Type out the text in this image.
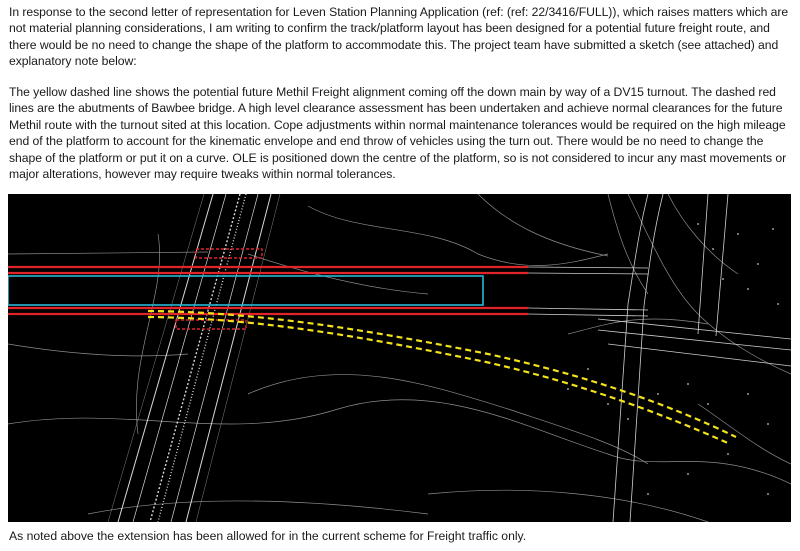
In response to the second letter of representation for Leven Station Planning Application (ref: (ref: 22/3416/FULL)), which raises matters which are not material planning considerations, I am writing to confirm the track/platform layout has been designed for a potential future freight route, and there would be no need to change the shape of the platform to accommodate this. The project team have submitted a sketch (see attached) and explanatory note below:

The yellow dashed line shows the potential future Methil Freight alignment coming off the down main by way of a DV15 turnout. The dashed red lines are the abutments of Bawbee bridge. A high level clearance assessment has been undertaken and achieve normal clearances for the future Methil route with the turnout sited at this location. Cope adjustments within normal maintenance tolerances would be required on the high mileage end of the platform to account for the kinematic envelope and end throw of vehicles using the turn out. There would be no need to change the shape of the platform or put it on a curve. OLE is positioned down the centre of the platform, so is not considered to incur any mast movements or major alterations, however may require tweaks within normal tolerances.

As noted above the extension has been allowed for in the current scheme for Freight traffic only.
